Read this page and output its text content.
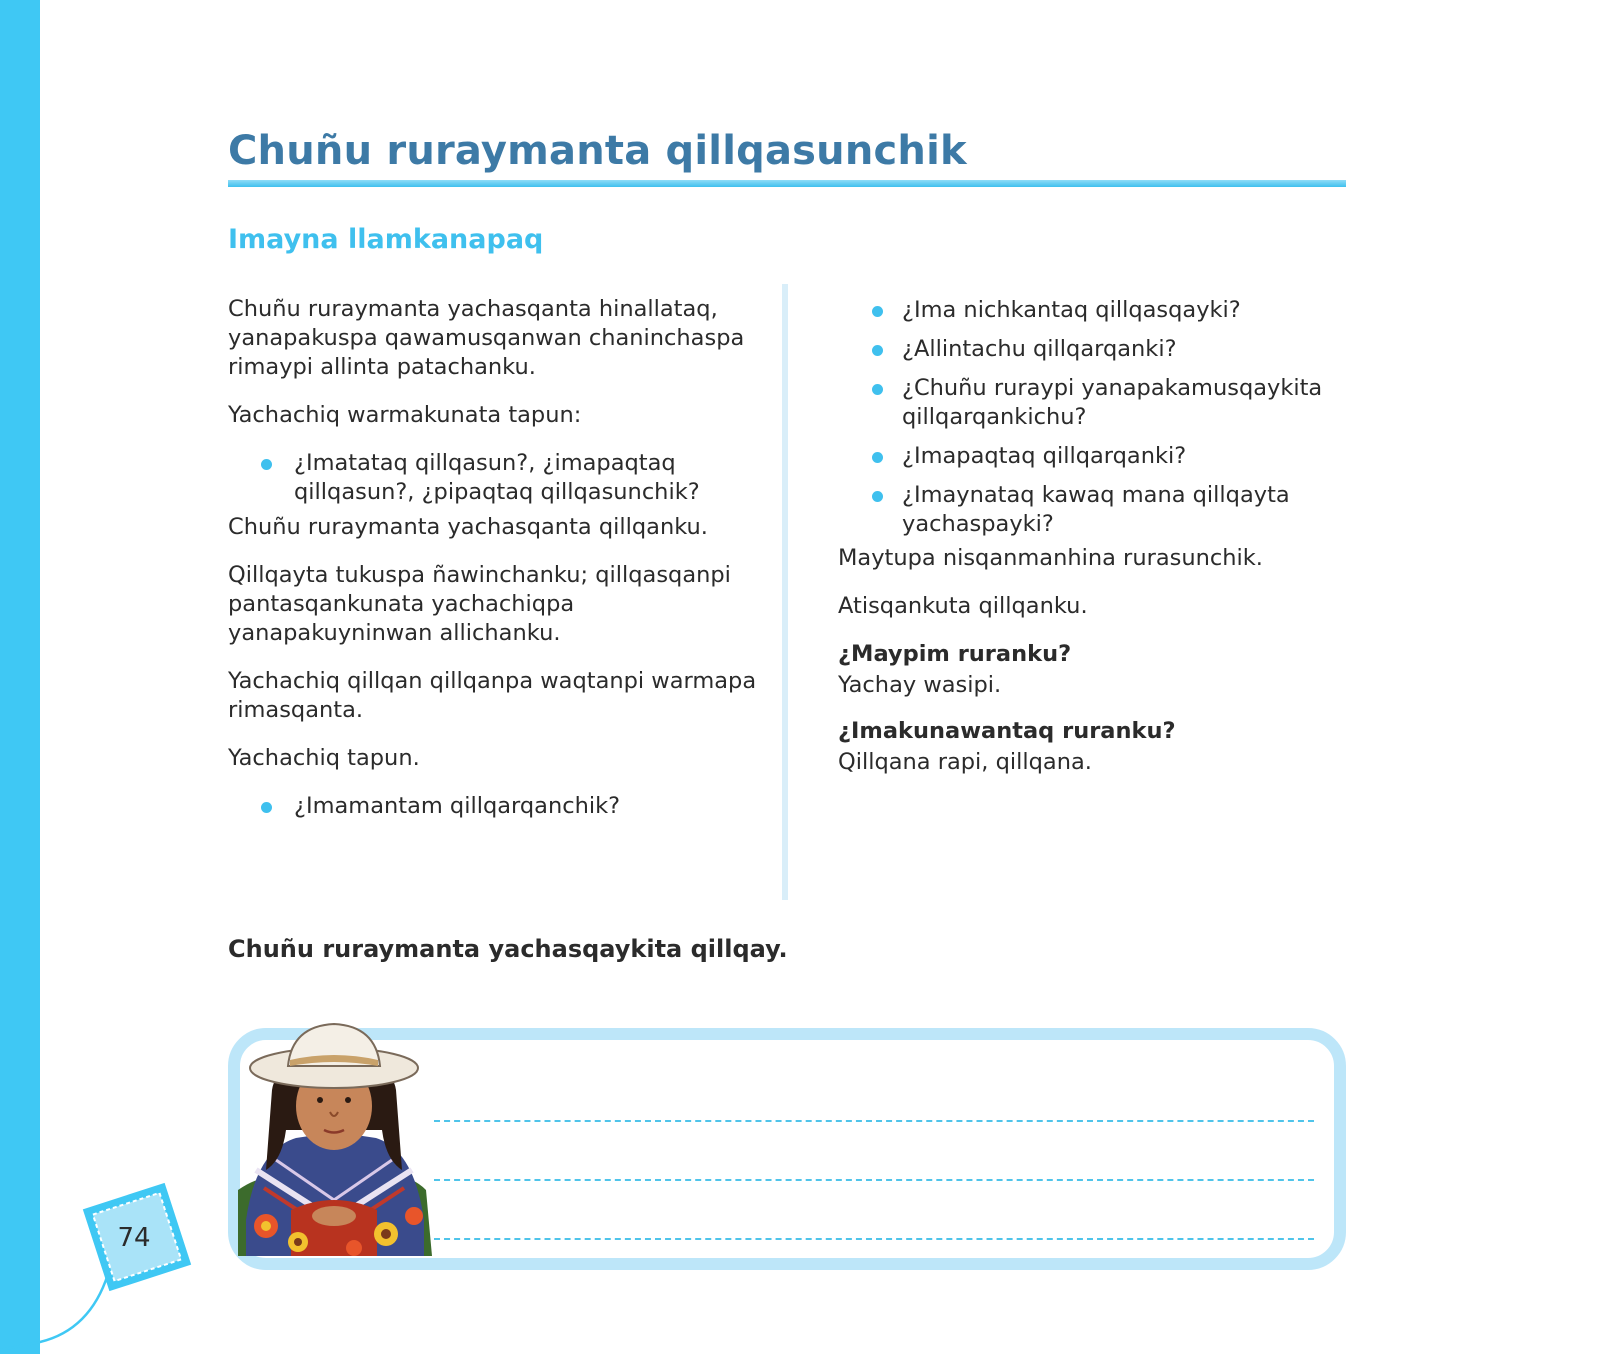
Chuñu ruraymanta qillqasunchik
Imayna llamkanapaq

Chuñu ruraymanta yachasqanta hinallataq, yanapakuspa qawamusqanwan chaninchaspa rimaypi allinta patachanku.

Yachachiq warmakunata tapun:

¿Imatataq qillqasun?, ¿imapaqtaq qillqasun?, ¿pipaqtaq qillqasunchik?

Chuñu ruraymanta yachasqanta qillqanku.

Qillqayta tukuspa ñawinchanku; qillqasqanpi pantasqankunata yachachiqpa yanapakuyninwan allichanku.

Yachachiq qillqan qillqanpa waqtanpi warmapa rimasqanta.

Yachachiq tapun.

¿Imamantam qillqarqanchik?
¿Ima nichkantaq qillqasqayki?
¿Allintachu qillqarqanki?
¿Chuñu ruraypi yanapakamusqaykita qillqarqankichu?
¿Imapaqtaq qillqarqanki?
¿Imaynataq kawaq mana qillqayta yachaspayki?

Maytupa nisqanmanhina rurasunchik.

Atisqankuta qillqanku.

¿Maypim ruranku?

Yachay wasipi.

¿Imakunawantaq ruranku?

Qillqana rapi, qillqana.

Chuñu ruraymanta yachasqaykita qillqay.

74
